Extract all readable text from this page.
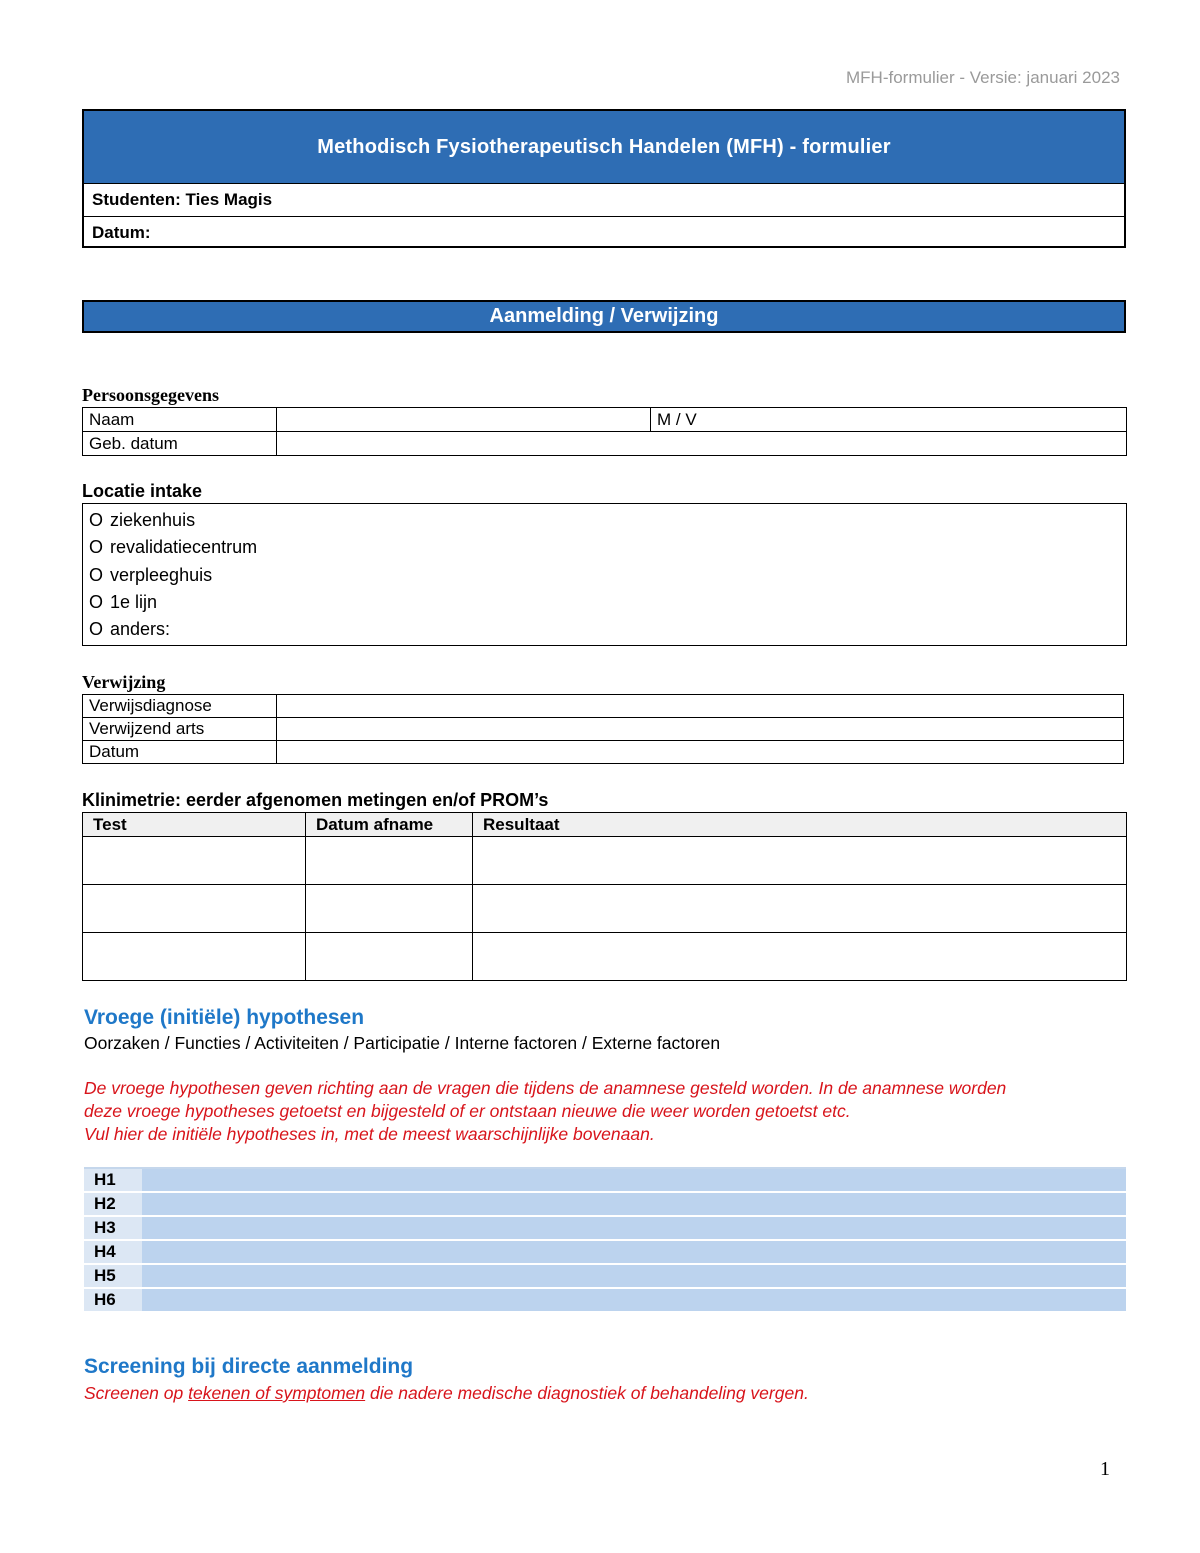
MFH-formulier - Versie: januari 2023
Methodisch Fysiotherapeutisch Handelen (MFH) - formulier
Studenten: Ties Magis
Datum:
Aanmelding / Verwijzing
Persoonsgegevens
Naam		M / V
Geb. datum		
Locatie intake
O ziekenhuis
O revalidatiecentrum
O verpleeghuis
O 1e lijn
O anders:
Verwijzing
Verwijsdiagnose	
Verwijzend arts	
Datum	
Klinimetrie: eerder afgenomen metingen en/of PROM’s
Test	Datum afname	Resultaat

Vroege (initiële) hypothesen
Oorzaken / Functies / Activiteiten / Participatie / Interne factoren / Externe factoren
De vroege hypothesen geven richting aan de vragen die tijdens de anamnese gesteld worden. In de anamnese worden
deze vroege hypotheses getoetst en bijgesteld of er ontstaan nieuwe die weer worden getoetst etc.
Vul hier de initiële hypotheses in, met de meest waarschijnlijke bovenaan.
H1	
H2	
H3	
H4	
H5	
H6	
Screening bij directe aanmelding
Screenen op tekenen of symptomen die nadere medische diagnostiek of behandeling vergen.
1
